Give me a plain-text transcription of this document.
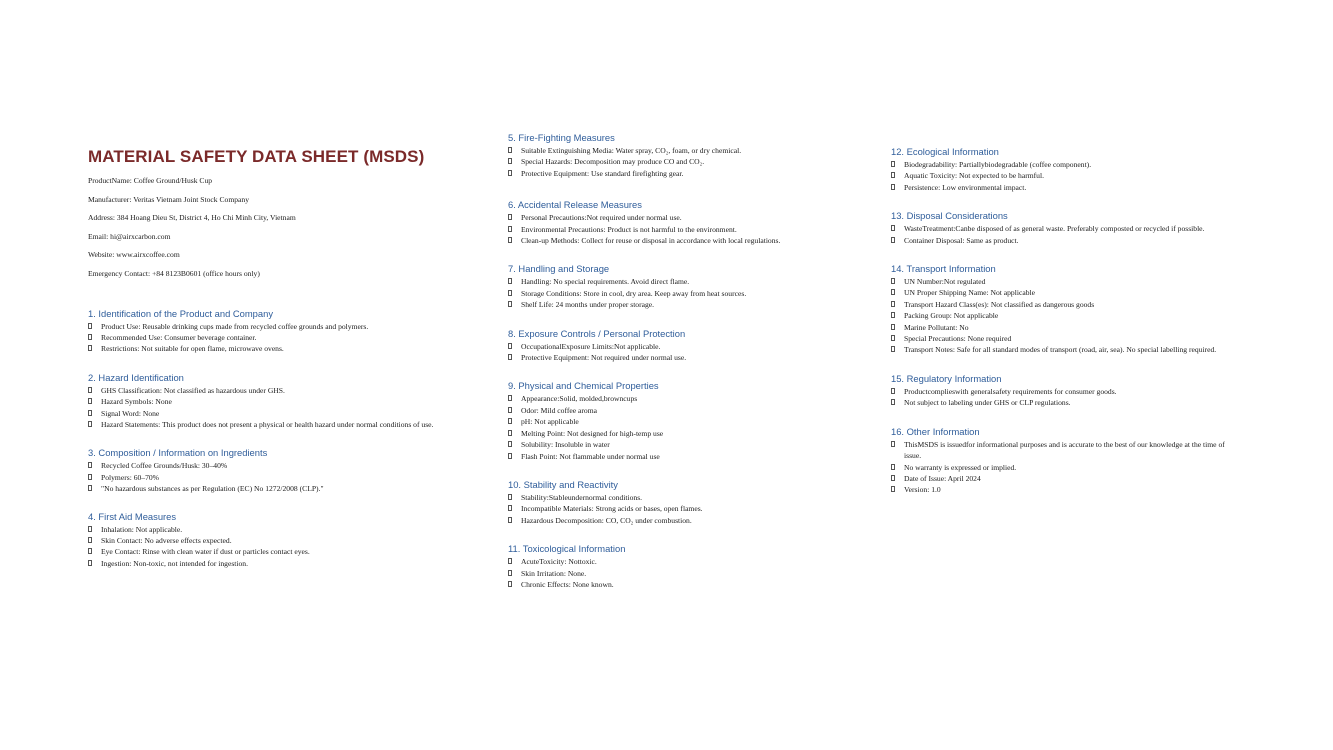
MATERIAL SAFETY DATA SHEET (MSDS)
ProductName: Coffee Ground/Husk Cup
Manufacturer: Veritas Vietnam Joint Stock Company
Address: 384 Hoang Dieu St, District 4, Ho Chi Minh City, Vietnam
Email: hi@airxcarbon.com
Website: www.airxcoffee.com
Emergency Contact: +84 8123B0601 (office hours only)
1. Identification of the Product and Company
Product Use: Reusable drinking cups made from recycled coffee grounds and polymers.
Recommended Use: Consumer beverage container.
Restrictions: Not suitable for open flame, microwave ovens.
2. Hazard Identification
GHS Classification: Not classified as hazardous under GHS.
Hazard Symbols: None
Signal Word: None
Hazard Statements: This product does not present a physical or health hazard under normal conditions of use.
3. Composition / Information on Ingredients
Recycled Coffee Grounds/Husk: 30–40%
Polymers: 60–70%
"No hazardous substances as per Regulation (EC) No 1272/2008 (CLP)."
4. First Aid Measures
Inhalation: Not applicable.
Skin Contact: No adverse effects expected.
Eye Contact: Rinse with clean water if dust or particles contact eyes.
Ingestion: Non-toxic, not intended for ingestion.
5. Fire-Fighting Measures
Suitable Extinguishing Media: Water spray, CO₂, foam, or dry chemical.
Special Hazards: Decomposition may produce CO and CO₂.
Protective Equipment: Use standard firefighting gear.
6. Accidental Release Measures
Personal Precautions:Not required under normal use.
Environmental Precautions: Product is not harmful to the environment.
Clean-up Methods: Collect for reuse or disposal in accordance with local regulations.
7. Handling and Storage
Handling: No special requirements. Avoid direct flame.
Storage Conditions: Store in cool, dry area. Keep away from heat sources.
Shelf Life: 24 months under proper storage.
8. Exposure Controls / Personal Protection
OccupationalExposure Limits:Not applicable.
Protective Equipment: Not required under normal use.
9. Physical and Chemical Properties
Appearance:Solid, molded,browncups
Odor: Mild coffee aroma
pH: Not applicable
Melting Point: Not designed for high-temp use
Solubility: Insoluble in water
Flash Point: Not flammable under normal use
10. Stability and Reactivity
Stability:Stableundernormal conditions.
Incompatible Materials: Strong acids or bases, open flames.
Hazardous Decomposition: CO, CO₂ under combustion.
11. Toxicological Information
AcuteToxicity: Nottoxic.
Skin Irritation: None.
Chronic Effects: None known.
12. Ecological Information
Biodegradability: Partiallybiodegradable (coffee component).
Aquatic Toxicity: Not expected to be harmful.
Persistence: Low environmental impact.
13. Disposal Considerations
WasteTreatment:Canbe disposed of as general waste. Preferably composted or recycled if possible.
Container Disposal: Same as product.
14. Transport Information
UN Number:Not regulated
UN Proper Shipping Name: Not applicable
Transport Hazard Class(es): Not classified as dangerous goods
Packing Group: Not applicable
Marine Pollutant: No
Special Precautions: None required
Transport Notes: Safe for all standard modes of transport (road, air, sea). No special labelling required.
15. Regulatory Information
Productcomplieswith generalsafety requirements for consumer goods.
Not subject to labeling under GHS or CLP regulations.
16. Other Information
ThisMSDS is issuedfor informational purposes and is accurate to the best of our knowledge at the time of issue.
No warranty is expressed or implied.
Date of Issue: April 2024
Version: 1.0
